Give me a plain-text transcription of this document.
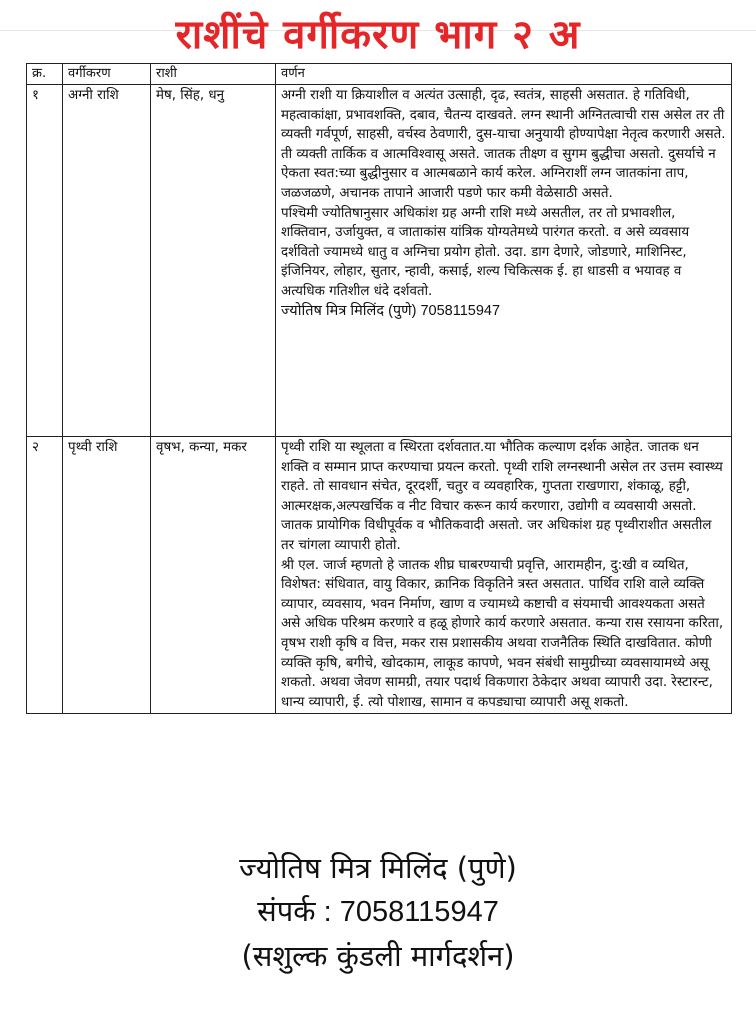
राशींचे वर्गीकरण भाग २ अ
क्र.	वर्गीकरण	राशी	वर्णन
१	अग्नी राशि	मेष, सिंह, धनु	अग्नी राशी या क्रियाशील व अत्यंत उत्साही, दृढ, स्वतंत्र, साहसी असतात. हे गतिविधी, महत्वाकांक्षा, प्रभावशक्ति, दबाव, चैतन्य दाखवते. लग्न स्थानी अग्नितत्वाची रास असेल तर ती व्यक्ती गर्वपूर्ण, साहसी, वर्चस्व ठेवणारी, दुस-याचा अनुयायी होण्यापेक्षा नेतृत्व करणारी असते. ती व्यक्ती तार्किक व आत्मविश्वासू असते. जातक तीक्ष्ण व सुगम बुद्धीचा असतो. दुसर्याचे न ऐकता स्वत:च्या बुद्धीनुसार व आत्मबळाने कार्य करेल. अग्निराशीं लग्न जातकांना ताप, जळजळणे, अचानक तापाने आजारी पडणे फार कमी वेळेसाठी असते.

पश्चिमी ज्योतिषानुसार अधिकांश ग्रह अग्नी राशि मध्ये असतील, तर तो प्रभावशील, शक्तिवान, उर्जायुक्त, व जाताकांस यांत्रिक योग्यतेमध्ये पारंगत करतो. व असे व्यवसाय दर्शवितो ज्यामध्ये धातु व अग्निचा प्रयोग होतो. उदा. डाग देणारे, जोडणारे, माशिनिस्ट, इंजिनियर, लोहार, सुतार, न्हावी, कसाई, शल्य चिकित्सक ई. हा धाडसी व भयावह व अत्यधिक गतिशील धंदे दर्शवतो.

ज्योतिष मित्र मिलिंद (पुणे) 7058115947

२	पृथ्वी राशि	वृषभ, कन्या, मकर	पृथ्वी राशि या स्थूलता व स्थिरता दर्शवतात.या भौतिक कल्याण दर्शक आहेत. जातक धन शक्ति व सम्मान प्राप्त करण्याचा प्रयत्न करतो. पृथ्वी राशि लग्नस्थानी असेल तर उत्तम स्वास्थ्य राहते. तो सावधान संचेत, दूरदर्शी, चतुर व व्यवहारिक, गुप्तता राखणारा, शंकाळू, हट्टी, आत्मरक्षक,अल्पखर्चिक व नीट विचार करून कार्य करणारा, उद्योगी व व्यवसायी असतो. जातक प्रायोगिक विधीपूर्वक व भौतिकवादी असतो. जर अधिकांश ग्रह पृथ्वीराशीत असतील तर चांगला व्यापारी होतो.

श्री एल. जार्ज म्हणतो हे जातक शीघ्र घाबरण्याची प्रवृत्ति, आरामहीन, दु:खी व व्यथित, विशेषत: संधिवात, वायु विकार, क्रानिक विकृतिने त्रस्त असतात. पार्थिव राशि वाले व्यक्ति व्यापार, व्यवसाय, भवन निर्माण, खाण व ज्यामध्ये कष्टाची व संयमाची आवश्यकता असते असे अधिक परिश्रम करणारे व हळू होणारे कार्य करणारे असतात. कन्या रास रसायना करिता, वृषभ राशी कृषि व वित्त, मकर रास प्रशासकीय अथवा राजनैतिक स्थिति दाखवितात. कोणी व्यक्ति कृषि, बगीचे, खोदकाम, लाकूड कापणे, भवन संबंधी सामुग्रीच्या व्यवसायामध्ये असू शकतो. अथवा जेवण सामग्री, तयार पदार्थ विकणारा ठेकेदार अथवा व्यापारी उदा. रेस्टारन्ट, धान्य व्यापारी, ई. त्यो पोशाख, सामान व कपड्याचा व्यापारी असू शकतो.

ज्योतिष मित्र मिलिंद (पुणे)
संपर्क : 7058115947
(सशुल्क कुंडली मार्गदर्शन)
